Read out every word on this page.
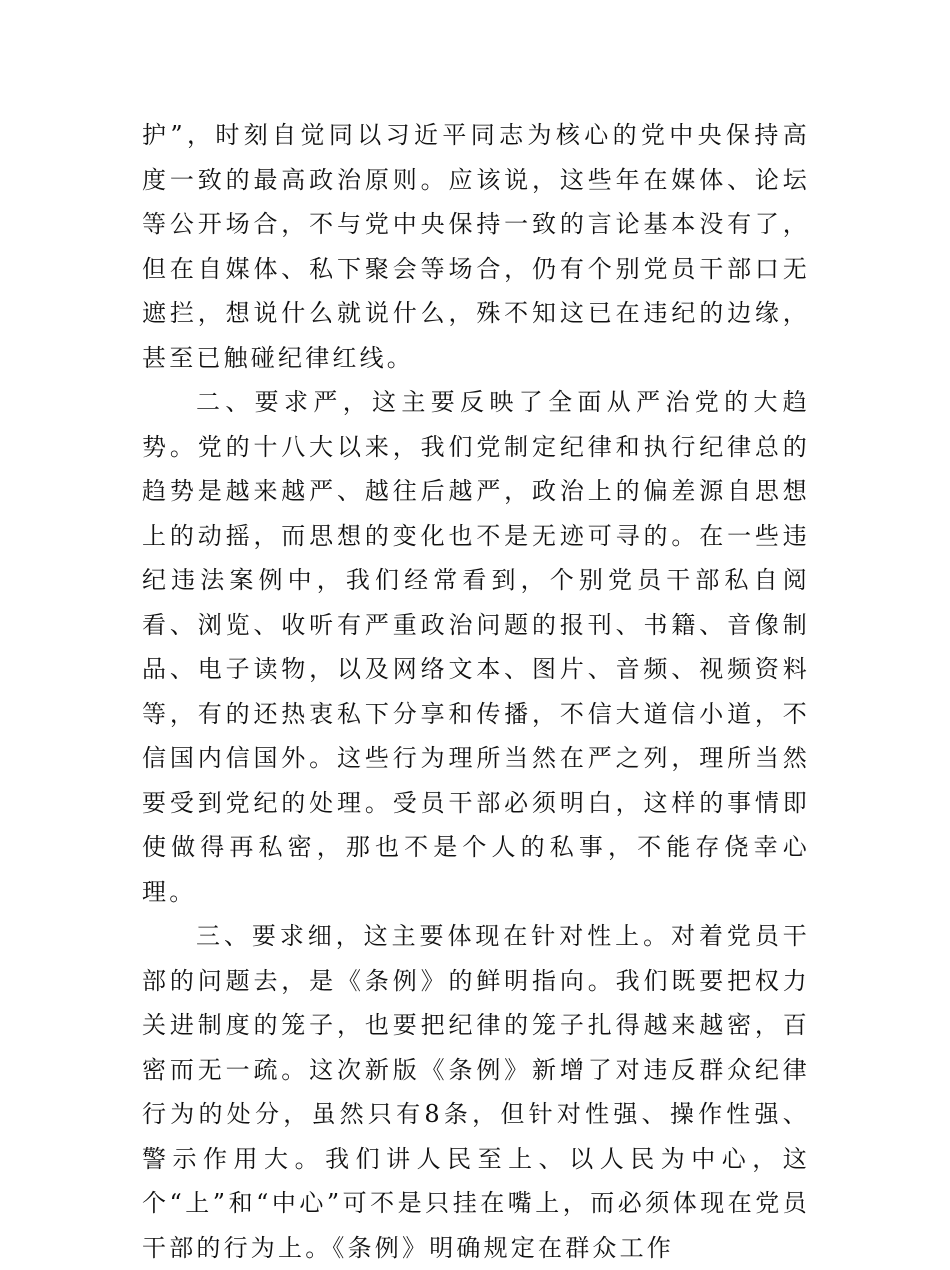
护”，时刻自觉同以习近平同志为核心的党中央保持高度一致的最高政治原则。应该说，这些年在媒体、论坛等公开场合，不与党中央保持一致的言论基本没有了，但在自媒体、私下聚会等场合，仍有个别党员干部口无遮拦，想说什么就说什么，殊不知这已在违纪的边缘，甚至已触碰纪律红线。

二、要求严，这主要反映了全面从严治党的大趋势。党的十八大以来，我们党制定纪律和执行纪律总的趋势是越来越严、越往后越严，政治上的偏差源自思想上的动摇，而思想的变化也不是无迹可寻的。在一些违纪违法案例中，我们经常看到，个别党员干部私自阅看、浏览、收听有严重政治问题的报刊、书籍、音像制品、电子读物，以及网络文本、图片、音频、视频资料等，有的还热衷私下分享和传播，不信大道信小道，不信国内信国外。这些行为理所当然在严之列，理所当然要受到党纪的处理。受员干部必须明白，这样的事情即使做得再私密，那也不是个人的私事，不能存侥幸心理。

三、要求细，这主要体现在针对性上。对着党员干部的问题去，是《条例》的鲜明指向。我们既要把权力关进制度的笼子，也要把纪律的笼子扎得越来越密，百密而无一疏。这次新版《条例》新增了对违反群众纪律行为的处分，虽然只有8条，但针对性强、操作性强、警示作用大。我们讲人民至上、以人民为中心，这个“上”和“中心”可不是只挂在嘴上，而必须体现在党员干部的行为上。《条例》明确规定在群众工作
